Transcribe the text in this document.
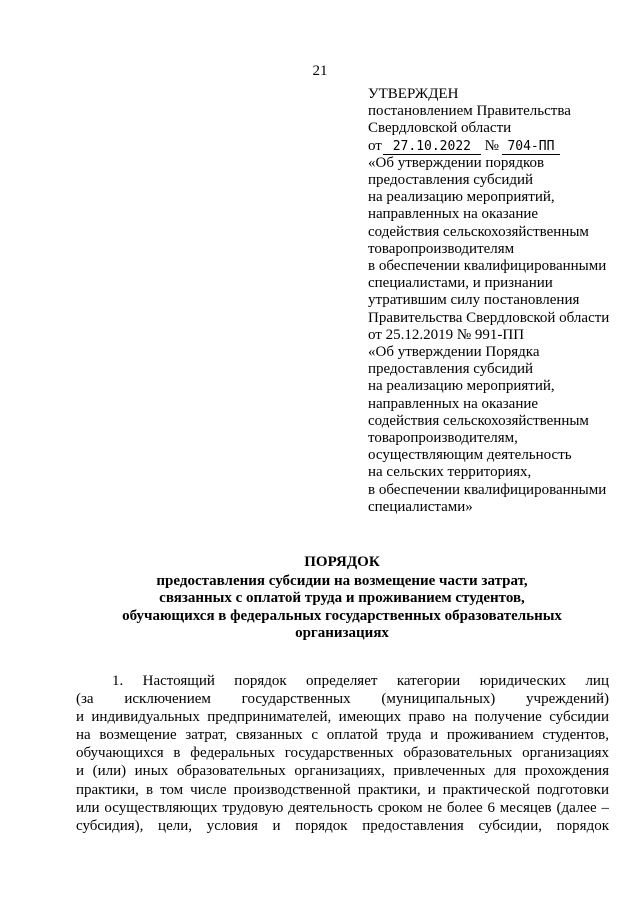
21
УТВЕРЖДЕН
постановлением Правительства
Свердловской области
от 27.10.2022 № 704-ПП
«Об утверждении порядков
предоставления субсидий
на реализацию мероприятий,
направленных на оказание
содействия сельскохозяйственным
товаропроизводителям
в обеспечении квалифицированными
специалистами, и признании
утратившим силу постановления
Правительства Свердловской области
от 25.12.2019 № 991-ПП
«Об утверждении Порядка
предоставления субсидий
на реализацию мероприятий,
направленных на оказание
содействия сельскохозяйственным
товаропроизводителям,
осуществляющим деятельность
на сельских территориях,
в обеспечении квалифицированными
специалистами»
ПОРЯДОК
предоставления субсидии на возмещение части затрат,
связанных с оплатой труда и проживанием студентов,
обучающихся в федеральных государственных образовательных
организациях
1. Настоящий порядок определяет категории юридических лиц
(за исключением государственных (муниципальных) учреждений)
и индивидуальных предпринимателей, имеющих право на получение субсидии
на возмещение затрат, связанных с оплатой труда и проживанием студентов,
обучающихся в федеральных государственных образовательных организациях
и (или) иных образовательных организациях, привлеченных для прохождения
практики, в том числе производственной практики, и практической подготовки
или осуществляющих трудовую деятельность сроком не более 6 месяцев (далее –
субсидия), цели, условия и порядок предоставления субсидии, порядок
